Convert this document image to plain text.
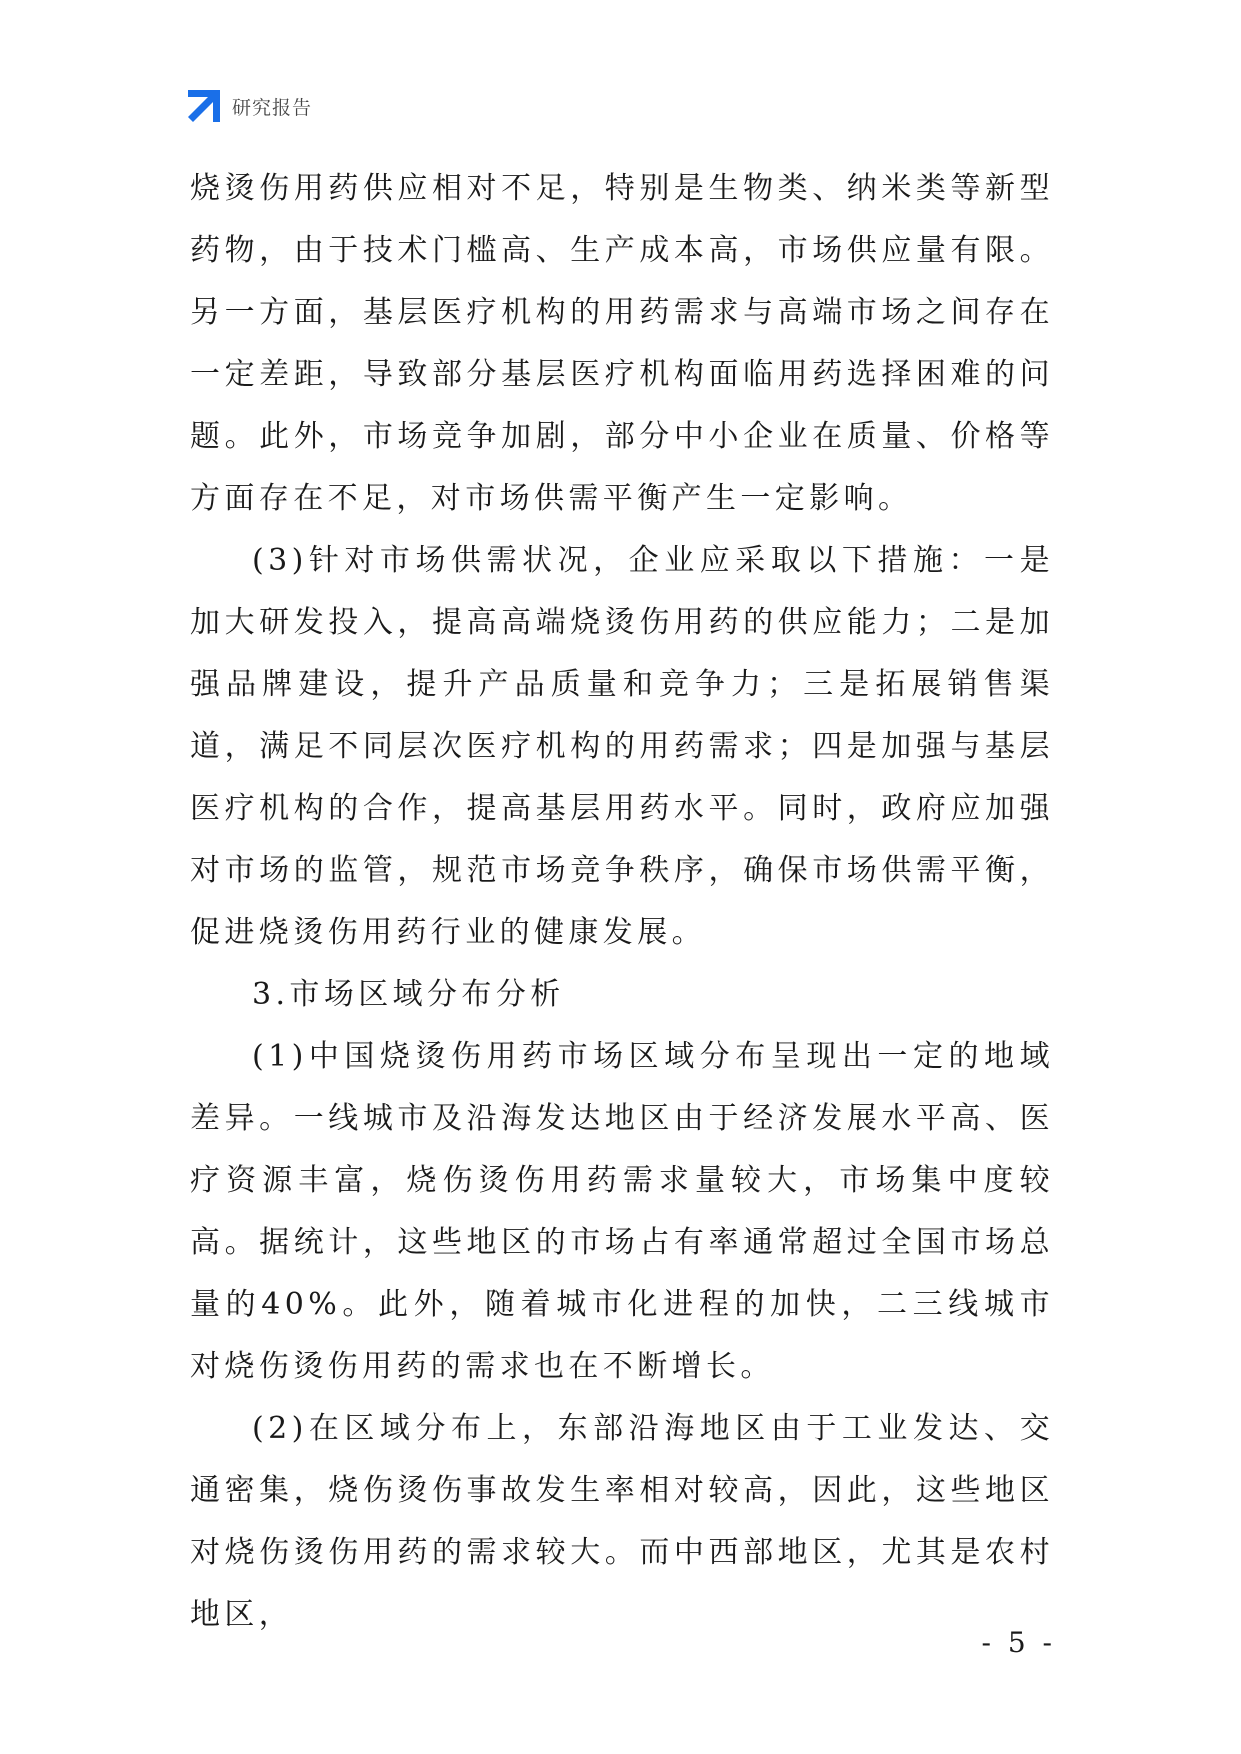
研究报告

烧烫伤用药供应相对不足，特别是生物类、纳米类等新型药物，由于技术门槛高、生产成本高，市场供应量有限。另一方面，基层医疗机构的用药需求与高端市场之间存在一定差距，导致部分基层医疗机构面临用药选择困难的问题。此外，市场竞争加剧，部分中小企业在质量、价格等方面存在不足，对市场供需平衡产生一定影响。

(3)针对市场供需状况，企业应采取以下措施：一是加大研发投入，提高高端烧烫伤用药的供应能力；二是加强品牌建设，提升产品质量和竞争力；三是拓展销售渠道，满足不同层次医疗机构的用药需求；四是加强与基层医疗机构的合作，提高基层用药水平。同时，政府应加强对市场的监管，规范市场竞争秩序，确保市场供需平衡，促进烧烫伤用药行业的健康发展。

3.市场区域分布分析

(1)中国烧烫伤用药市场区域分布呈现出一定的地域差异。一线城市及沿海发达地区由于经济发展水平高、医疗资源丰富，烧伤烫伤用药需求量较大，市场集中度较高。据统计，这些地区的市场占有率通常超过全国市场总量的40%。此外，随着城市化进程的加快，二三线城市对烧伤烫伤用药的需求也在不断增长。

(2)在区域分布上，东部沿海地区由于工业发达、交通密集，烧伤烫伤事故发生率相对较高，因此，这些地区对烧伤烫伤用药的需求较大。而中西部地区，尤其是农村地区，

- 5 -
